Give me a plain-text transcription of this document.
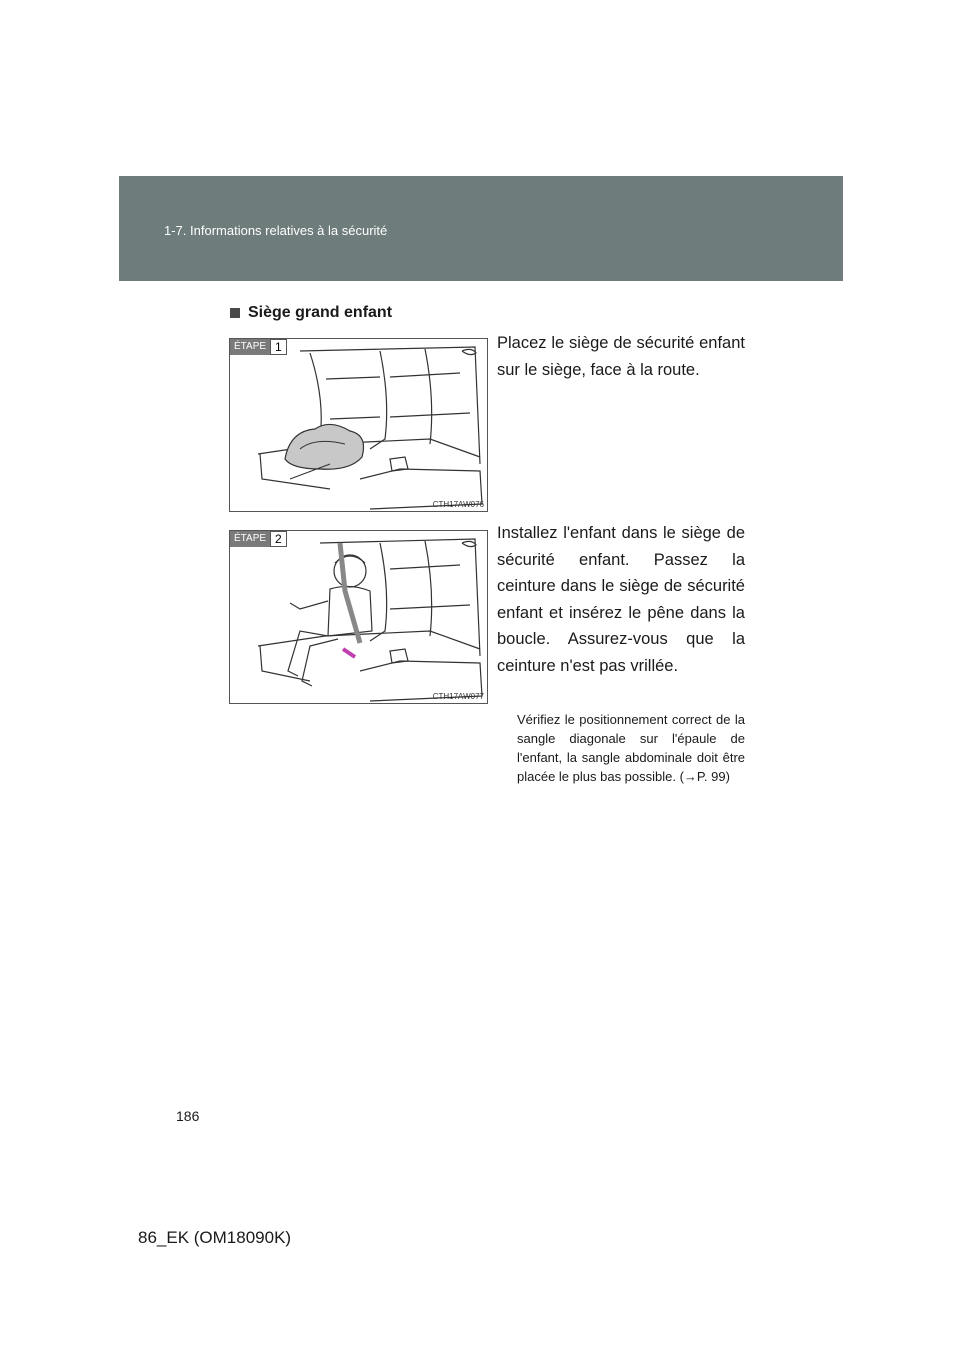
1-7. Informations relatives à la sécurité
Siège grand enfant
ÉTAPE 1
CTH17AW076
ÉTAPE 2
CTH17AW077
Placez le siège de sécurité enfant sur le siège, face à la route.
Installez l'enfant dans le siège de sécurité enfant. Passez la ceinture dans le siège de sécurité enfant et insérez le pêne dans la boucle. Assurez-vous que la ceinture n'est pas vrillée.
Vérifiez le positionnement correct de la sangle diagonale sur l'épaule de l'enfant, la sangle abdominale doit être placée le plus bas possible. (→P. 99)
186
86_EK (OM18090K)
